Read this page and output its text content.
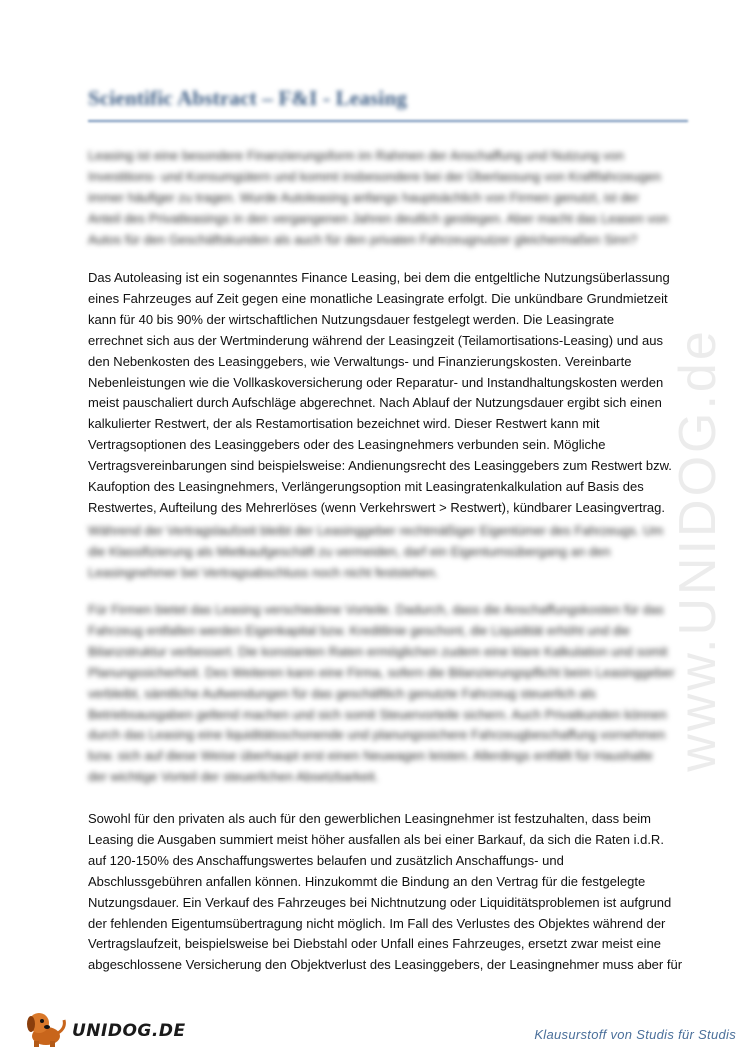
Scientific Abstract – F&I - Leasing
Leasing ist eine besondere Finanzierungsform im Rahmen der Anschaffung und Nutzung von
Investitions- und Konsumgütern und kommt insbesondere bei der Überlassung von Kraftfahrzeugen
immer häufiger zu tragen. Wurde Autoleasing anfangs hauptsächlich von Firmen genutzt, ist der
Anteil des Privatleasings in den vergangenen Jahren deutlich gestiegen. Aber macht das Leasen von
Autos für den Geschäftskunden als auch für den privaten Fahrzeugnutzer gleichermaßen Sinn?
Das Autoleasing ist ein sogenanntes Finance Leasing, bei dem die entgeltliche Nutzungsüberlassung
eines Fahrzeuges auf Zeit gegen eine monatliche Leasingrate erfolgt. Die unkündbare Grundmietzeit
kann für 40 bis 90% der wirtschaftlichen Nutzungsdauer festgelegt werden. Die Leasingrate
errechnet sich aus der Wertminderung während der Leasingzeit (Teilamortisations-Leasing) und aus
den Nebenkosten des Leasinggebers, wie Verwaltungs- und Finanzierungskosten. Vereinbarte
Nebenleistungen wie die Vollkaskoversicherung oder Reparatur- und Instandhaltungskosten werden
meist pauschaliert durch Aufschläge abgerechnet. Nach Ablauf der Nutzungsdauer ergibt sich einen
kalkulierter Restwert, der als Restamortisation bezeichnet wird. Dieser Restwert kann mit
Vertragsoptionen des Leasinggebers oder des Leasingnehmers verbunden sein. Mögliche
Vertragsvereinbarungen sind beispielsweise: Andienungsrecht des Leasinggebers zum Restwert bzw.
Kaufoption des Leasingnehmers, Verlängerungsoption mit Leasingratenkalkulation auf Basis des
Restwertes, Aufteilung des Mehrerlöses (wenn Verkehrswert > Restwert), kündbarer Leasingvertrag.
Während der Vertragslaufzeit bleibt der Leasinggeber rechtmäßiger Eigentümer des Fahrzeugs. Um
die Klassifizierung als Mietkaufgeschäft zu vermeiden, darf ein Eigentumsübergang an den
Leasingnehmer bei Vertragsabschluss noch nicht feststehen.
Für Firmen bietet das Leasing verschiedene Vorteile. Dadurch, dass die Anschaffungskosten für das
Fahrzeug entfallen werden Eigenkapital bzw. Kreditlinie geschont, die Liquidität erhöht und die
Bilanzstruktur verbessert. Die konstanten Raten ermöglichen zudem eine klare Kalkulation und somit
Planungssicherheit. Des Weiteren kann eine Firma, sofern die Bilanzierungspflicht beim Leasinggeber
verbleibt, sämtliche Aufwendungen für das geschäftlich genutzte Fahrzeug steuerlich als
Betriebsausgaben geltend machen und sich somit Steuervorteile sichern. Auch Privatkunden können
durch das Leasing eine liquiditätsschonende und planungssichere Fahrzeugbeschaffung vornehmen
bzw. sich auf diese Weise überhaupt erst einen Neuwagen leisten. Allerdings entfällt für Haushalte
der wichtige Vorteil der steuerlichen Absetzbarkeit.
Sowohl für den privaten als auch für den gewerblichen Leasingnehmer ist festzuhalten, dass beim
Leasing die Ausgaben summiert meist höher ausfallen als bei einer Barkauf, da sich die Raten i.d.R.
auf 120-150% des Anschaffungswertes belaufen und zusätzlich Anschaffungs- und
Abschlussgebühren anfallen können. Hinzukommt die Bindung an den Vertrag für die festgelegte
Nutzungsdauer. Ein Verkauf des Fahrzeuges bei Nichtnutzung oder Liquiditätsproblemen ist aufgrund
der fehlenden Eigentumsübertragung nicht möglich. Im Fall des Verlustes des Objektes während der
Vertragslaufzeit, beispielsweise bei Diebstahl oder Unfall eines Fahrzeuges, ersetzt zwar meist eine
abgeschlossene Versicherung den Objektverlust des Leasinggebers, der Leasingnehmer muss aber für
www.UNIDOG.de
UNIDOG.DE	Klausurstoff von Studis für Studis
